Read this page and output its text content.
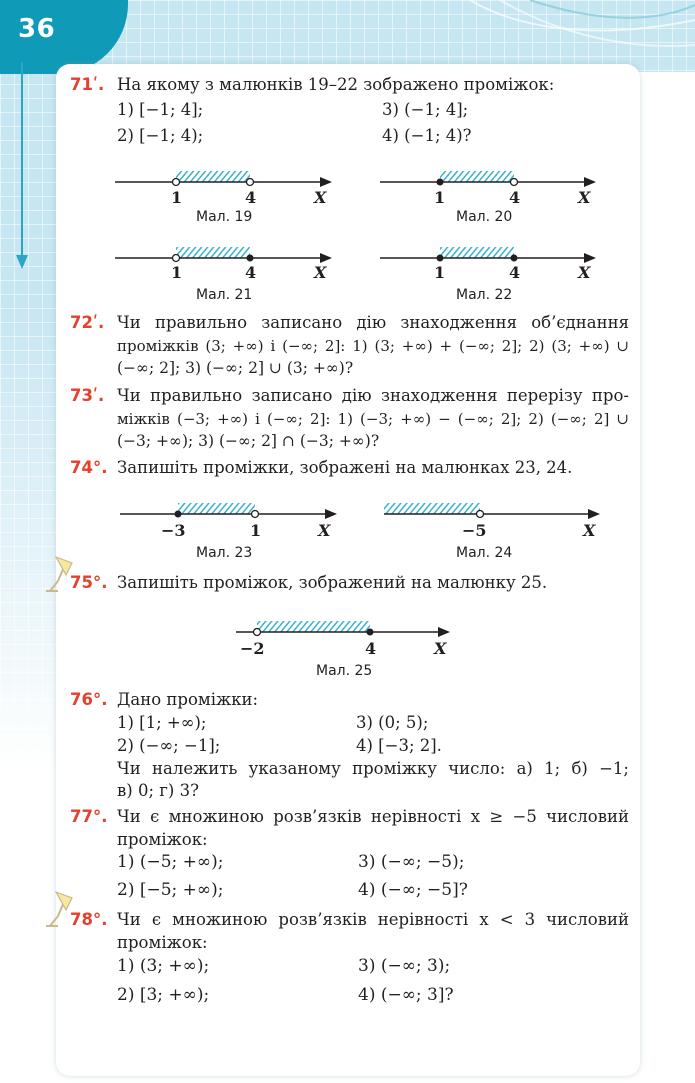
36
71ʹ. На якому з малюнків 19–22 зображено проміжок:
1) [−1; 4];
2) [−1; 4);
3) (−1; 4];
4) (−1; 4)?
1	4	X	1	4	X
1	4	X	1	4	X
−3	1	X	−5	X
−2	4	X
Мал. 19	Мал. 20
Мал. 21	Мал. 22
72ʹ. Чи правильно записано дію знаходження об’єднання
проміжків (3; +∞) і (−∞; 2]: 1) (3; +∞) + (−∞; 2]; 2) (3; +∞) ∪
(−∞; 2]; 3) (−∞; 2] ∪ (3; +∞)?
73ʹ. Чи правильно записано дію знаходження перерізу про-
міжків (−3; +∞) і (−∞; 2]: 1) (−3; +∞) − (−∞; 2]; 2) (−∞; 2] ∪
(−3; +∞); 3) (−∞; 2] ∩ (−3; +∞)?
74°. Запишіть проміжки, зображені на малюнках 23, 24.
Мал. 23	Мал. 24
75°. Запишіть проміжок, зображений на малюнку 25.
Мал. 25
76°. Дано проміжки:
1) [1; +∞);
2) (−∞; −1];
3) (0; 5);
4) [−3; 2].
Чи належить указаному проміжку число: а) 1; б) −1;
в) 0; г) 3?
77°. Чи є множиною розв’язків нерівності x ≥ −5 числовий
проміжок:
1) (−5; +∞);
2) [−5; +∞);
3) (−∞; −5);
4) (−∞; −5]?
78°. Чи є множиною розв’язків нерівності x < 3 числовий
проміжок:
1) (3; +∞);
2) [3; +∞);
3) (−∞; 3);
4) (−∞; 3]?
